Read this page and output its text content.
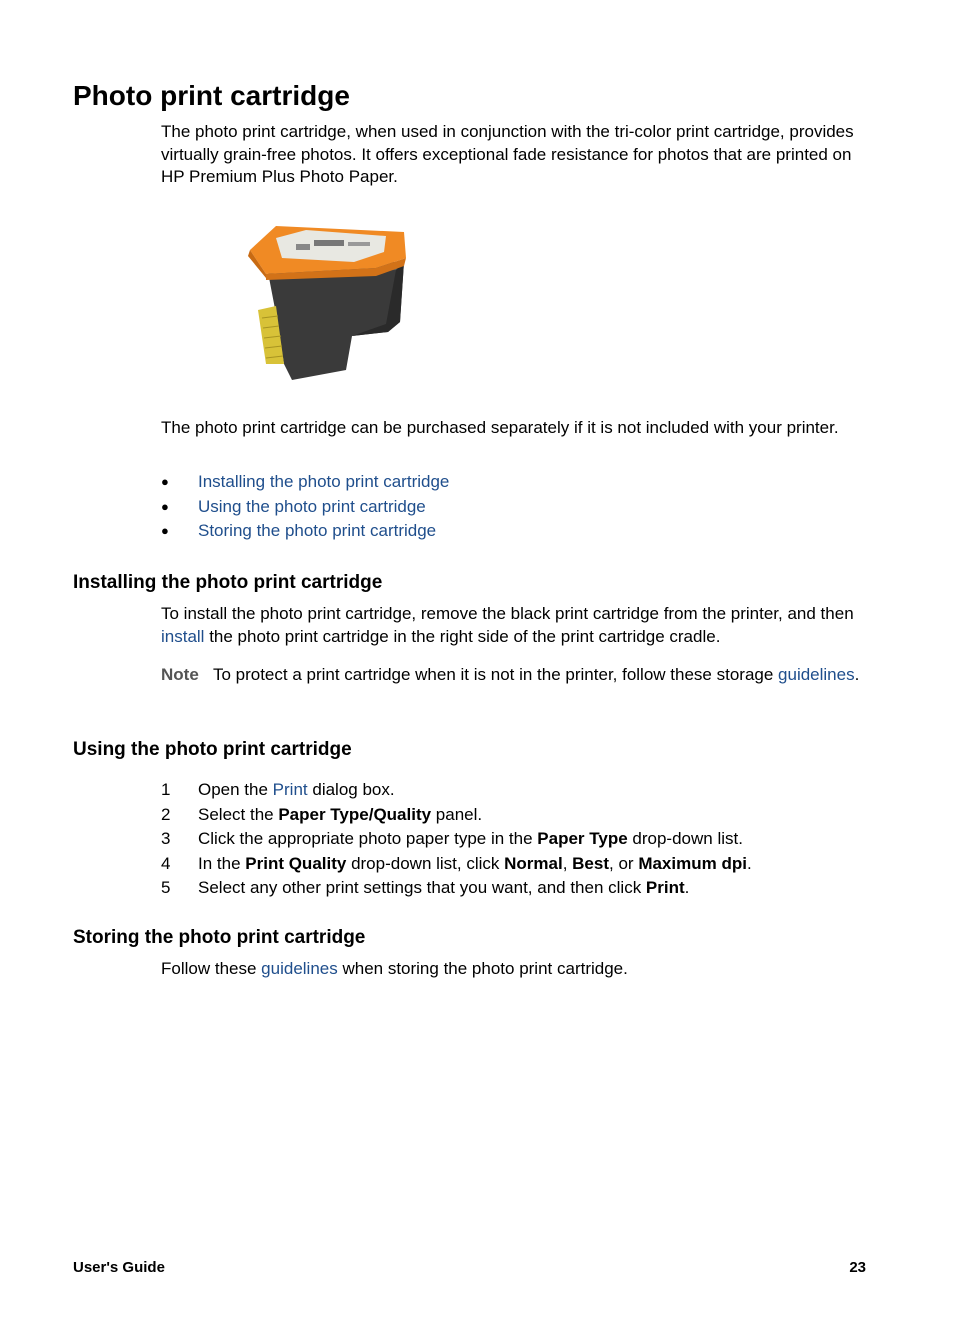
Photo print cartridge

The photo print cartridge, when used in conjunction with the tri-color print cartridge, provides virtually grain-free photos. It offers exceptional fade resistance for photos that are printed on HP Premium Plus Photo Paper.

The photo print cartridge can be purchased separately if it is not included with your printer.

● Installing the photo print cartridge
● Using the photo print cartridge
● Storing the photo print cartridge
Installing the photo print cartridge

To install the photo print cartridge, remove the black print cartridge from the printer, and then install the photo print cartridge in the right side of the print cartridge cradle.

Note To protect a print cartridge when it is not in the printer, follow these storage guidelines.

Using the photo print cartridge
1 Open the Print dialog box.
2 Select the Paper Type/Quality panel.
3 Click the appropriate photo paper type in the Paper Type drop-down list.
4 In the Print Quality drop-down list, click Normal, Best, or Maximum dpi.
5 Select any other print settings that you want, and then click Print.
Storing the photo print cartridge

Follow these guidelines when storing the photo print cartridge.

User's Guide	23
